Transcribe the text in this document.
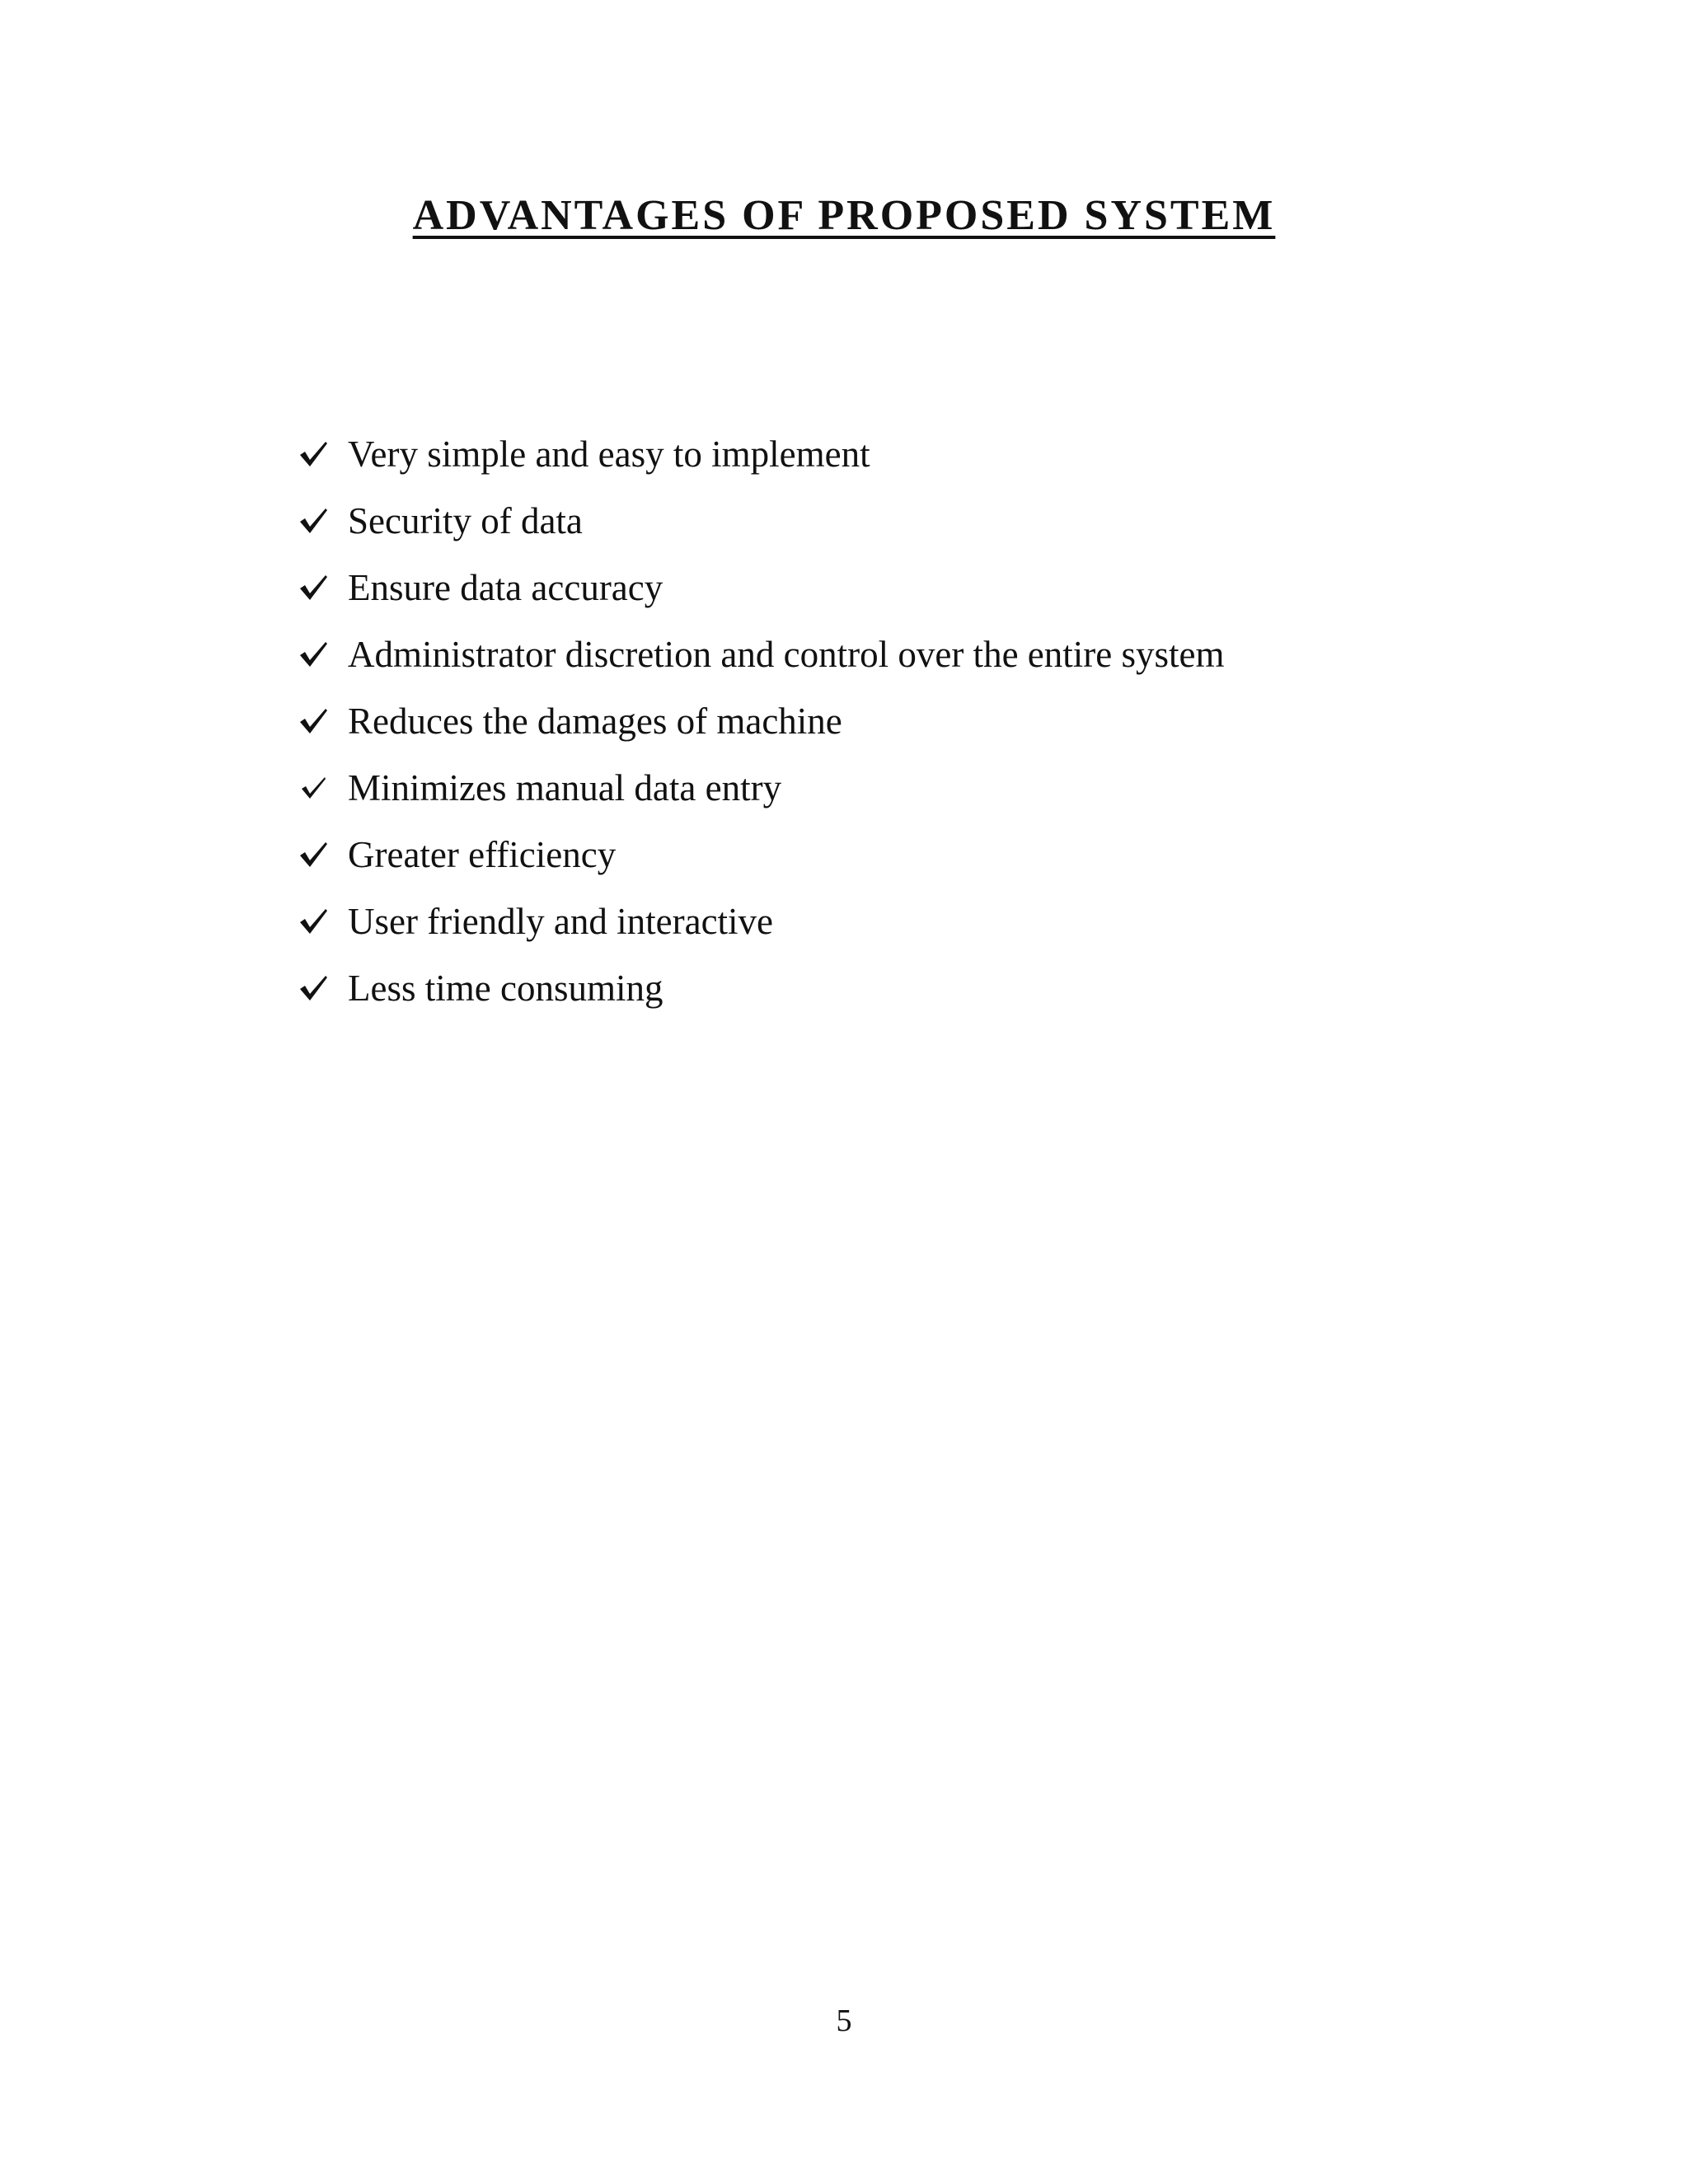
ADVANTAGES OF PROPOSED SYSTEM
Very simple and easy to implement
Security of data
Ensure data accuracy
Administrator discretion and control over the entire system
Reduces the damages of machine
Minimizes manual data entry
Greater efficiency
User friendly and interactive
Less time consuming
5
